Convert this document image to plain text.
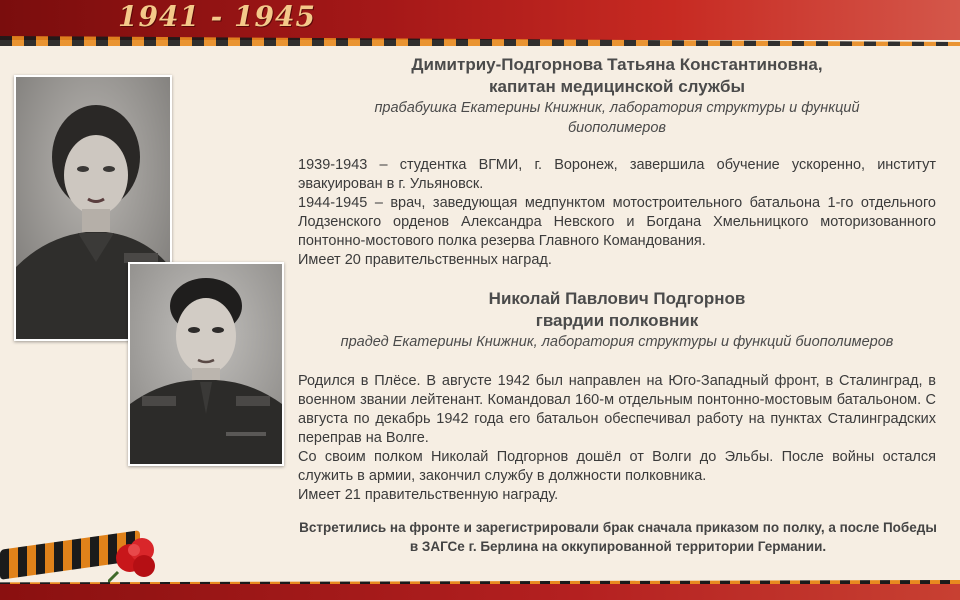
1941 - 1945
Димитриу-Подгорнова Татьяна Константиновна,
капитан медицинской службы
прабабушка Екатерины Книжник, лаборатория структуры и функций биополимеров

1939-1943 – студентка ВГМИ, г. Воронеж, завершила обучение ускоренно, институт эвакуирован в г. Ульяновск.

1944-1945 – врач, заведующая медпунктом мотостроительного батальона 1-го отдельного Лодзенского орденов Александра Невского и Богдана Хмельницкого моторизованного понтонно-мостового полка резерва Главного Командования.

Имеет 20 правительственных наград.

Николай Павлович Подгорнов
гвардии полковник
прадед Екатерины Книжник, лаборатория структуры и функций биополимеров

Родился в Плёсе. В августе 1942 был направлен на Юго-Западный фронт, в Сталинград, в военном звании лейтенант. Командовал 160-м отдельным понтонно-мостовым батальоном. С августа по декабрь 1942 года его батальон обеспечивал работу на пунктах Сталинградских переправ на Волге.

Со своим полком Николай Подгорнов дошёл от Волги до Эльбы. После войны остался служить в армии, закончил службу в должности полковника.

Имеет 21 правительственную награду.

Встретились на фронте и зарегистрировали брак сначала приказом по полку, а после Победы в ЗАГСе г. Берлина на оккупированной территории Германии.
